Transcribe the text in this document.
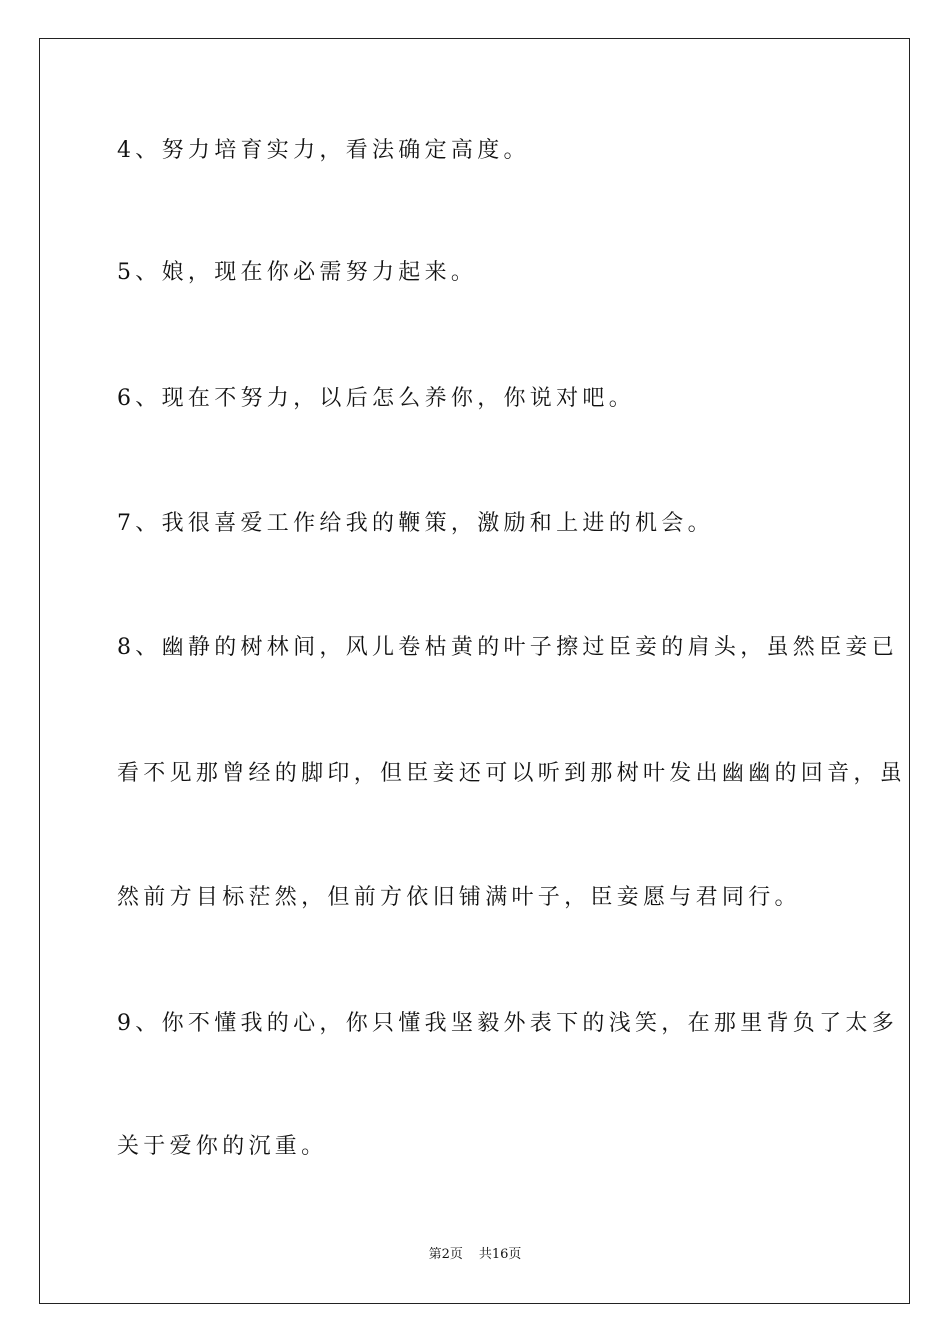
4、努力培育实力，看法确定高度。
5、娘，现在你必需努力起来。
6、现在不努力，以后怎么养你，你说对吧。
7、我很喜爱工作给我的鞭策，激励和上进的机会。
8、幽静的树林间，风儿卷枯黄的叶子擦过臣妾的肩头，虽然臣妾已
看不见那曾经的脚印，但臣妾还可以听到那树叶发出幽幽的回音，虽
然前方目标茫然，但前方依旧铺满叶子，臣妾愿与君同行。
9、你不懂我的心，你只懂我坚毅外表下的浅笑，在那里背负了太多
关于爱你的沉重。
第2页 共16页
